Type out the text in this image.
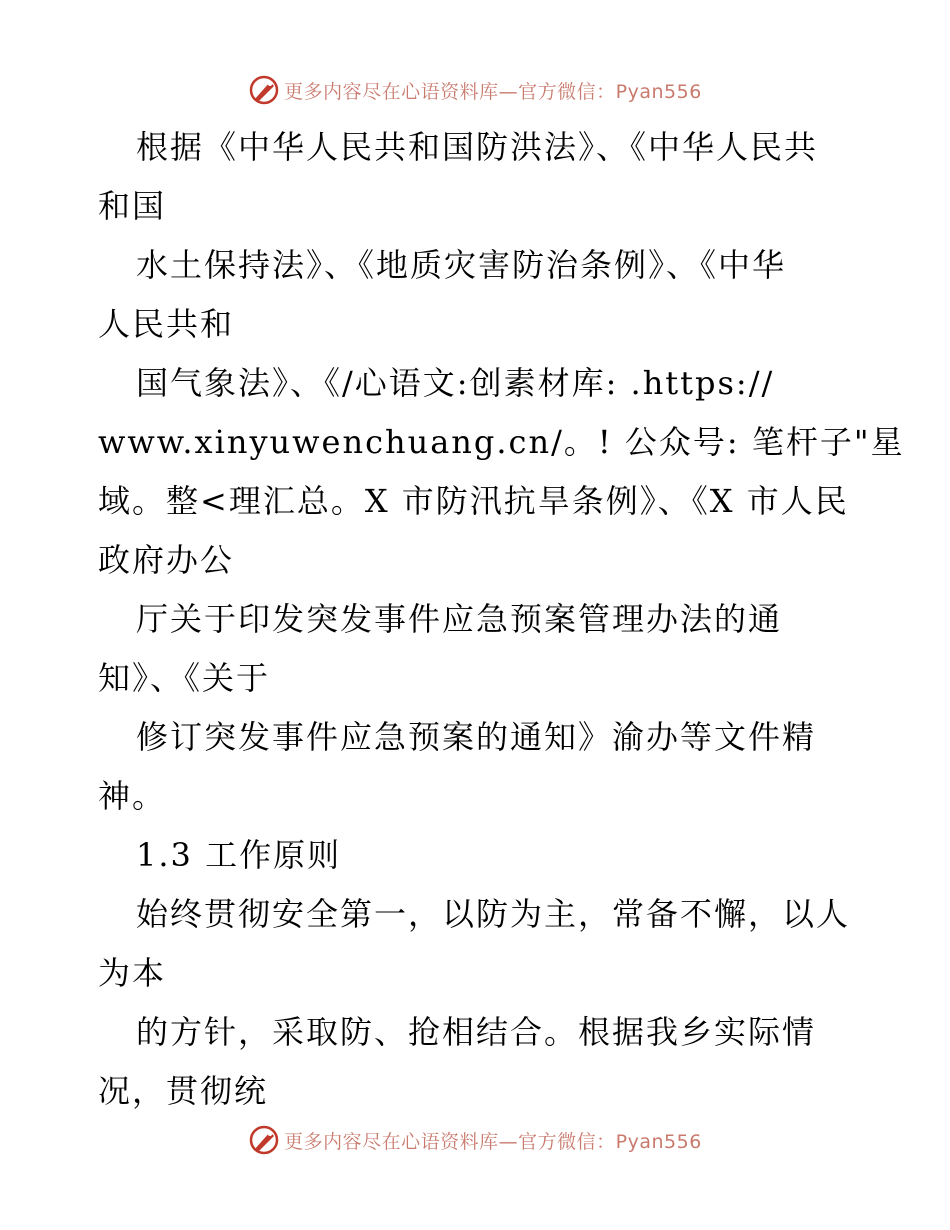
更多内容尽在心语资料库—官方微信：Pyan556
根据《中华人民共和国防洪法》、《中华人民共
和国
水土保持法》、《地质灾害防治条例》、《中华
人民共和
国气象法》、《/心语文:创素材库: .https://
www.xinyuwenchuang.cn/。! 公众号: 笔杆子"星
域。整<理汇总。X 市防汛抗旱条例》、《X 市人民
政府办公
厅关于印发突发事件应急预案管理办法的通
知》、《关于
修订突发事件应急预案的通知》渝办等文件精
神。
1.3 工作原则
始终贯彻安全第一，以防为主，常备不懈，以人
为本
的方针，采取防、抢相结合。根据我乡实际情
况，贯彻统
更多内容尽在心语资料库—官方微信：Pyan556
